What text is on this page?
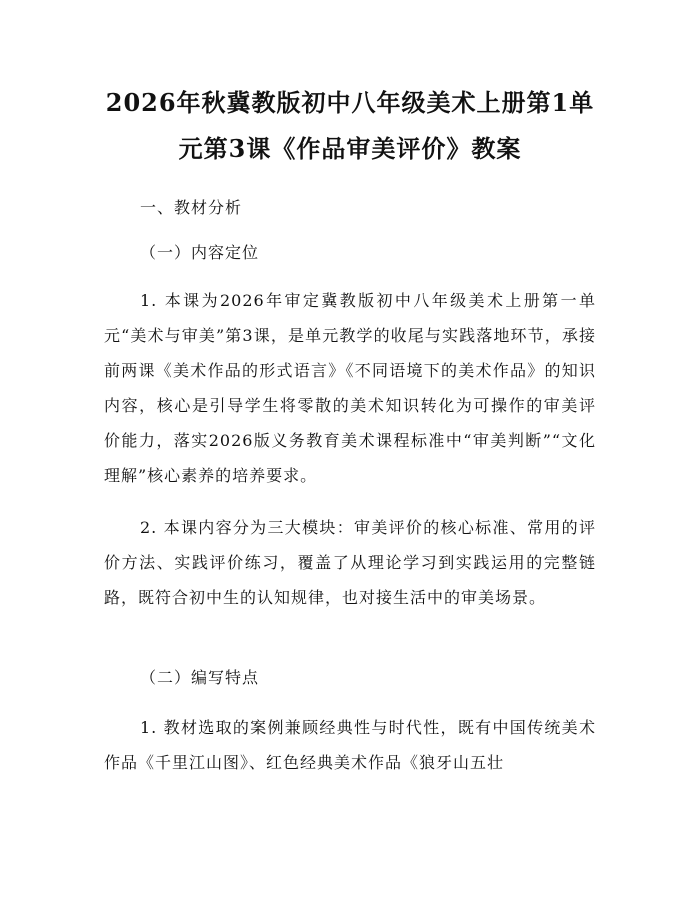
2026年秋冀教版初中八年级美术上册第1单
元第3课《作品审美评价》教案
一、教材分析
（一）内容定位
1. 本课为2026年审定冀教版初中八年级美术上册第一单元“美术与审美”第3课，是单元教学的收尾与实践落地环节，承接前两课《美术作品的形式语言》《不同语境下的美术作品》的知识内容，核心是引导学生将零散的美术知识转化为可操作的审美评价能力，落实2026版义务教育美术课程标准中“审美判断”“文化理解”核心素养的培养要求。
2. 本课内容分为三大模块：审美评价的核心标准、常用的评价方法、实践评价练习，覆盖了从理论学习到实践运用的完整链路，既符合初中生的认知规律，也对接生活中的审美场景。
（二）编写特点
1. 教材选取的案例兼顾经典性与时代性，既有中国传统美术作品《千里江山图》、红色经典美术作品《狼牙山五壮
